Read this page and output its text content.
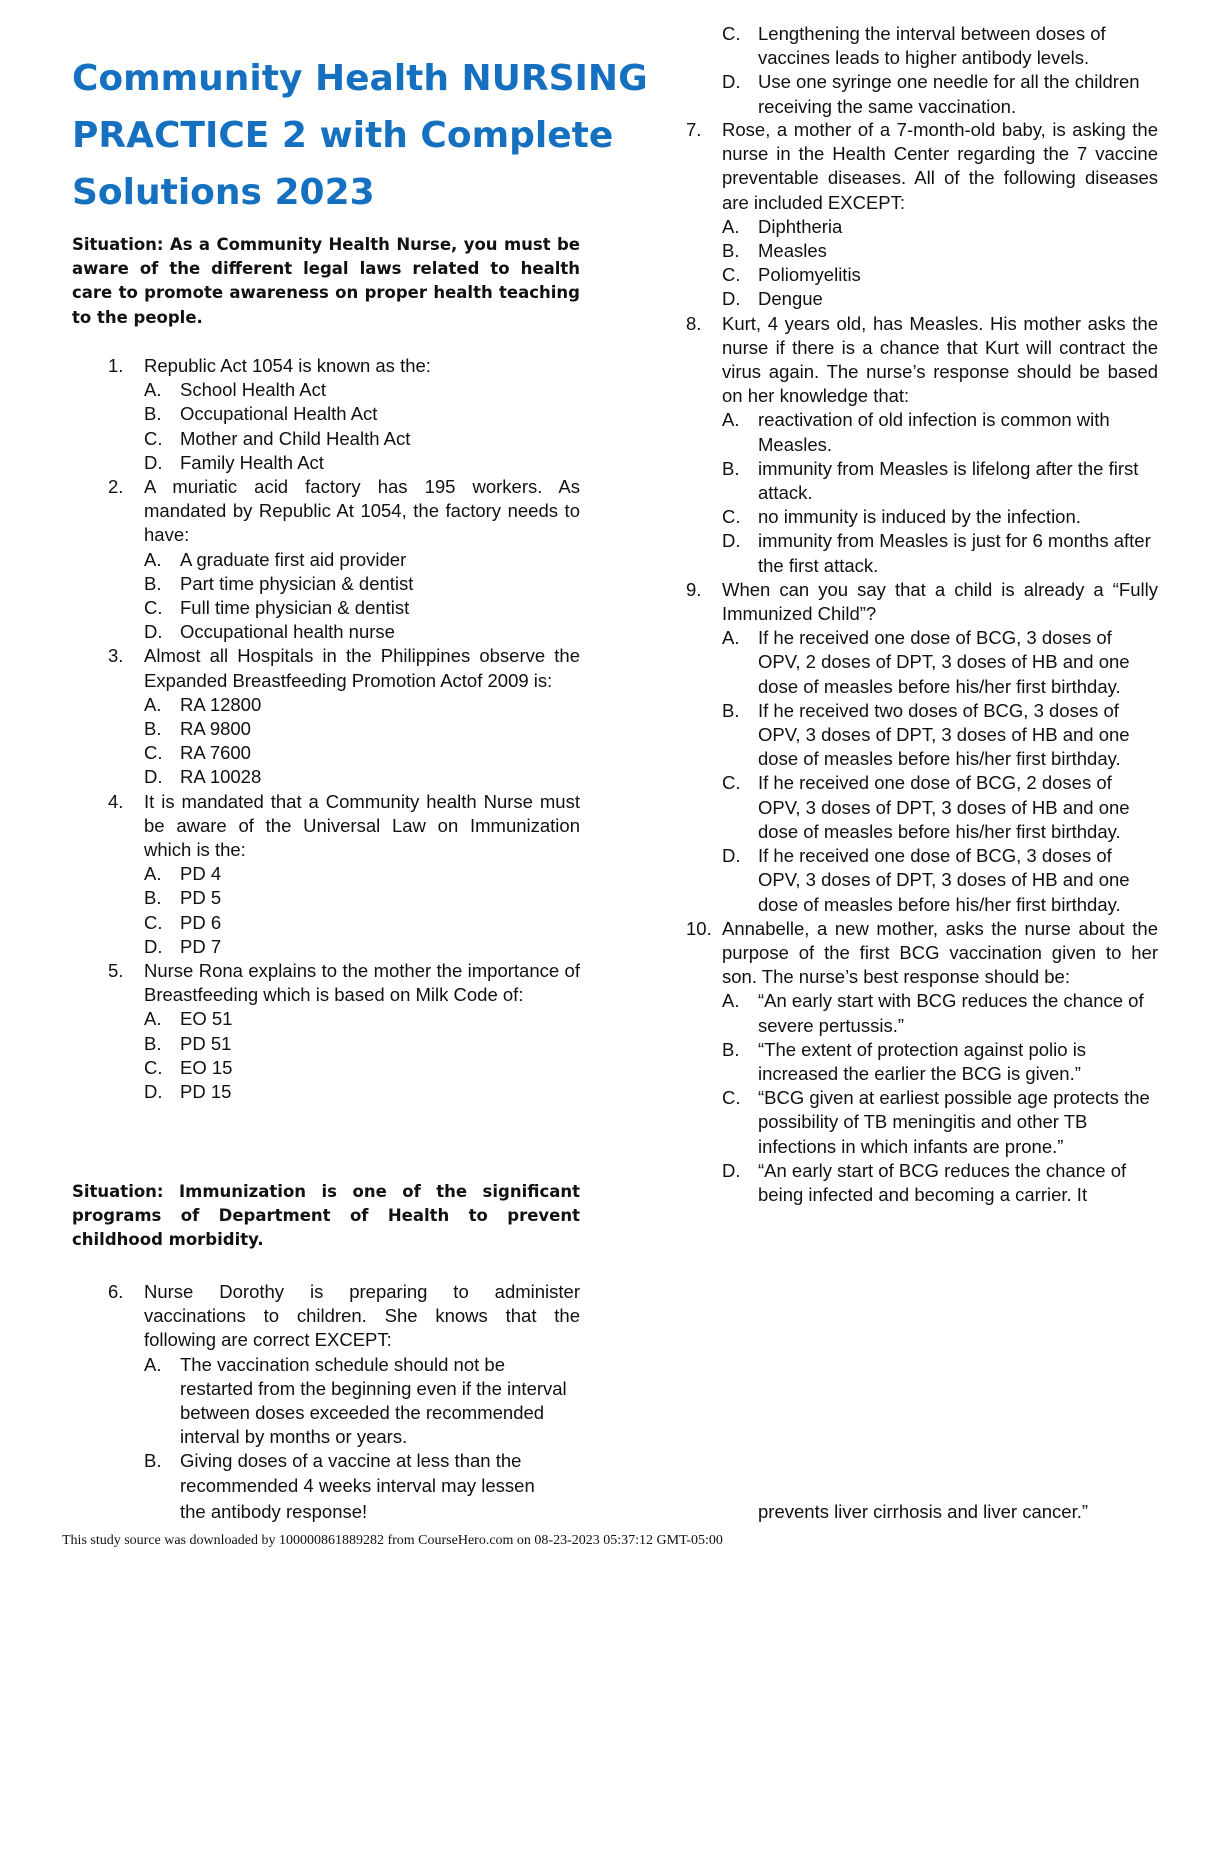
Community Health NURSING
PRACTICE 2 with Complete
Solutions 2023
Situation: As a Community Health Nurse, you must be aware of the different legal laws related to health care to promote awareness on proper health teaching to the people.
1. Republic Act 1054 is known as the:
A. School Health Act
B. Occupational Health Act
C. Mother and Child Health Act
D. Family Health Act
2. A muriatic acid factory has 195 workers. As mandated by Republic At 1054, the factory needs to have:
A. A graduate first aid provider
B. Part time physician & dentist
C. Full time physician & dentist
D. Occupational health nurse
3. Almost all Hospitals in the Philippines observe the Expanded Breastfeeding Promotion Actof 2009 is:
A. RA 12800
B. RA 9800
C. RA 7600
D. RA 10028
4. It is mandated that a Community health Nurse must be aware of the Universal Law on Immunization which is the:
A. PD 4
B. PD 5
C. PD 6
D. PD 7
5. Nurse Rona explains to the mother the importance of Breastfeeding which is based on Milk Code of:
A. EO 51
B. PD 51
C. EO 15
D. PD 15
Situation: Immunization is one of the significant programs of Department of Health to prevent childhood morbidity.
6. Nurse Dorothy is preparing to administer vaccinations to children. She knows that the following are correct EXCEPT:
A. The vaccination schedule should not be restarted from the beginning even if the interval between doses exceeded the recommended interval by months or years.
B. Giving doses of a vaccine at less than the recommended 4 weeks interval may lessen
the antibody response!
C. Lengthening the interval between doses of vaccines leads to higher antibody levels.
D. Use one syringe one needle for all the children receiving the same vaccination.
7. Rose, a mother of a 7-month-old baby, is asking the nurse in the Health Center regarding the 7 vaccine preventable diseases. All of the following diseases are included EXCEPT:
A. Diphtheria
B. Measles
C. Poliomyelitis
D. Dengue
8. Kurt, 4 years old, has Measles. His mother asks the nurse if there is a chance that Kurt will contract the virus again. The nurse’s response should be based on her knowledge that:
A. reactivation of old infection is common with Measles.
B. immunity from Measles is lifelong after the first attack.
C. no immunity is induced by the infection.
D. immunity from Measles is just for 6 months after the first attack.
9. When can you say that a child is already a “Fully Immunized Child”?
A. If he received one dose of BCG, 3 doses of OPV, 2 doses of DPT, 3 doses of HB and one dose of measles before his/her first birthday.
B. If he received two doses of BCG, 3 doses of OPV, 3 doses of DPT, 3 doses of HB and one dose of measles before his/her first birthday.
C. If he received one dose of BCG, 2 doses of OPV, 3 doses of DPT, 3 doses of HB and one dose of measles before his/her first birthday.
D. If he received one dose of BCG, 3 doses of OPV, 3 doses of DPT, 3 doses of HB and one dose of measles before his/her first birthday.
10. Annabelle, a new mother, asks the nurse about the purpose of the first BCG vaccination given to her son. The nurse’s best response should be:
A. “An early start with BCG reduces the chance of severe pertussis.”
B. “The extent of protection against polio is increased the earlier the BCG is given.”
C. “BCG given at earliest possible age protects the possibility of TB meningitis and other TB infections in which infants are prone.”
D. “An early start of BCG reduces the chance of being infected and becoming a carrier. It
prevents liver cirrhosis and liver cancer.”
This study source was downloaded by 100000861889282 from CourseHero.com on 08-23-2023 05:37:12 GMT-05:00
